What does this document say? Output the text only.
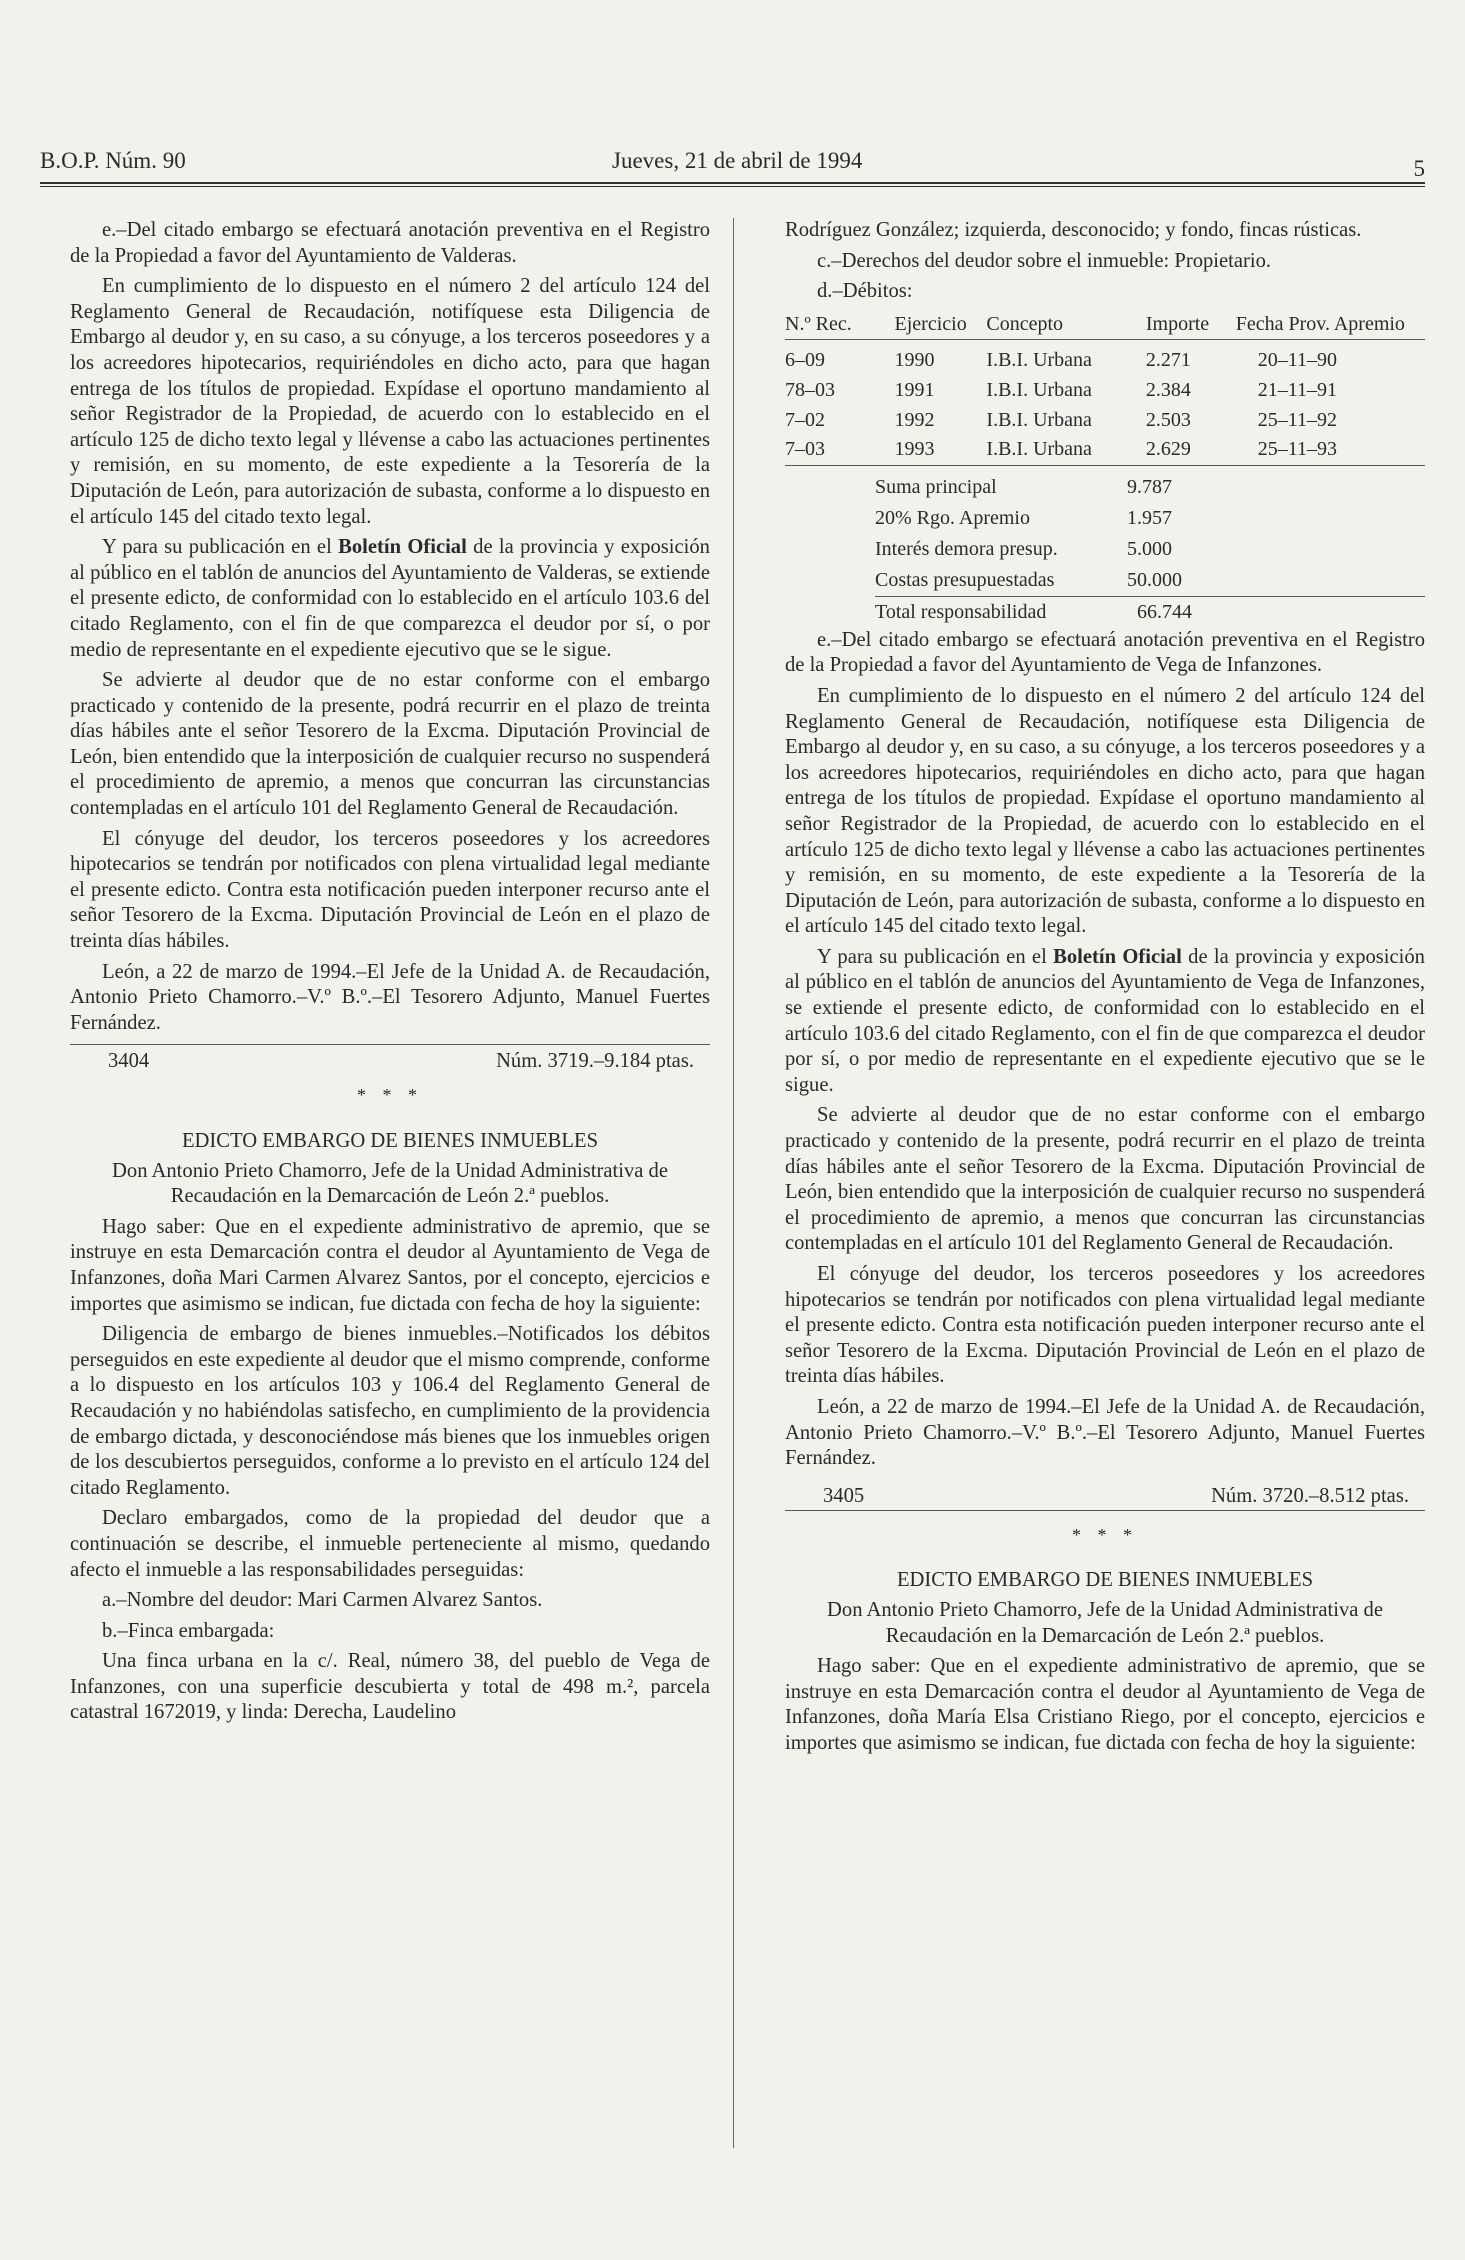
B.O.P. Núm. 90	Jueves, 21 de abril de 1994	5

e.–Del citado embargo se efectuará anotación preventiva en el Registro de la Propiedad a favor del Ayuntamiento de Valderas.

En cumplimiento de lo dispuesto en el número 2 del artículo 124 del Reglamento General de Recaudación, notifíquese esta Diligencia de Embargo al deudor y, en su caso, a su cónyuge, a los terceros poseedores y a los acreedores hipotecarios, requiriéndoles en dicho acto, para que hagan entrega de los títulos de propiedad. Expídase el oportuno mandamiento al señor Registrador de la Propiedad, de acuerdo con lo establecido en el artículo 125 de dicho texto legal y llévense a cabo las actuaciones pertinentes y remisión, en su momento, de este expediente a la Tesorería de la Diputación de León, para autorización de subasta, conforme a lo dispuesto en el artículo 145 del citado texto legal.

Y para su publicación en el Boletín Oficial de la provincia y exposición al público en el tablón de anuncios del Ayuntamiento de Valderas, se extiende el presente edicto, de conformidad con lo establecido en el artículo 103.6 del citado Reglamento, con el fin de que comparezca el deudor por sí, o por medio de representante en el expediente ejecutivo que se le sigue.

Se advierte al deudor que de no estar conforme con el embargo practicado y contenido de la presente, podrá recurrir en el plazo de treinta días hábiles ante el señor Tesorero de la Excma. Diputación Provincial de León, bien entendido que la interposición de cualquier recurso no suspenderá el procedimiento de apremio, a menos que concurran las circunstancias contempladas en el artículo 101 del Reglamento General de Recaudación.

El cónyuge del deudor, los terceros poseedores y los acreedores hipotecarios se tendrán por notificados con plena virtualidad legal mediante el presente edicto. Contra esta notificación pueden interponer recurso ante el señor Tesorero de la Excma. Diputación Provincial de León en el plazo de treinta días hábiles.

León, a 22 de marzo de 1994.–El Jefe de la Unidad A. de Recaudación, Antonio Prieto Chamorro.–V.º B.º.–El Tesorero Adjunto, Manuel Fuertes Fernández.

3404	Núm. 3719.–9.184 ptas.

* * *

EDICTO EMBARGO DE BIENES INMUEBLES

Don Antonio Prieto Chamorro, Jefe de la Unidad Administrativa de Recaudación en la Demarcación de León 2.ª pueblos.

Hago saber: Que en el expediente administrativo de apremio, que se instruye en esta Demarcación contra el deudor al Ayuntamiento de Vega de Infanzones, doña Mari Carmen Alvarez Santos, por el concepto, ejercicios e importes que asimismo se indican, fue dictada con fecha de hoy la siguiente:

Diligencia de embargo de bienes inmuebles.–Notificados los débitos perseguidos en este expediente al deudor que el mismo comprende, conforme a lo dispuesto en los artículos 103 y 106.4 del Reglamento General de Recaudación y no habiéndolas satisfecho, en cumplimiento de la providencia de embargo dictada, y desconociéndose más bienes que los inmuebles origen de los descubiertos perseguidos, conforme a lo previsto en el artículo 124 del citado Reglamento.

Declaro embargados, como de la propiedad del deudor que a continuación se describe, el inmueble perteneciente al mismo, quedando afecto el inmueble a las responsabilidades perseguidas:

a.–Nombre del deudor: Mari Carmen Alvarez Santos.

b.–Finca embargada:

Una finca urbana en la c/. Real, número 38, del pueblo de Vega de Infanzones, con una superficie descubierta y total de 498 m.², parcela catastral 1672019, y linda: Derecha, Laudelino

Rodríguez González; izquierda, desconocido; y fondo, fincas rústicas.

c.–Derechos del deudor sobre el inmueble: Propietario.

d.–Débitos:

N.º Rec.	Ejercicio	Concepto	Importe	Fecha Prov. Apremio
6–09	1990	I.B.I. Urbana	2.271	20–11–90
78–03	1991	I.B.I. Urbana	2.384	21–11–91
7–02	1992	I.B.I. Urbana	2.503	25–11–92
7–03	1993	I.B.I. Urbana	2.629	25–11–93
Suma principal	9.787
20% Rgo. Apremio	1.957
Interés demora presup.	5.000
Costas presupuestadas	50.000
Total responsabilidad	66.744

e.–Del citado embargo se efectuará anotación preventiva en el Registro de la Propiedad a favor del Ayuntamiento de Vega de Infanzones.

En cumplimiento de lo dispuesto en el número 2 del artículo 124 del Reglamento General de Recaudación, notifíquese esta Diligencia de Embargo al deudor y, en su caso, a su cónyuge, a los terceros poseedores y a los acreedores hipotecarios, requiriéndoles en dicho acto, para que hagan entrega de los títulos de propiedad. Expídase el oportuno mandamiento al señor Registrador de la Propiedad, de acuerdo con lo establecido en el artículo 125 de dicho texto legal y llévense a cabo las actuaciones pertinentes y remisión, en su momento, de este expediente a la Tesorería de la Diputación de León, para autorización de subasta, conforme a lo dispuesto en el artículo 145 del citado texto legal.

Y para su publicación en el Boletín Oficial de la provincia y exposición al público en el tablón de anuncios del Ayuntamiento de Vega de Infanzones, se extiende el presente edicto, de conformidad con lo establecido en el artículo 103.6 del citado Reglamento, con el fin de que comparezca el deudor por sí, o por medio de representante en el expediente ejecutivo que se le sigue.

Se advierte al deudor que de no estar conforme con el embargo practicado y contenido de la presente, podrá recurrir en el plazo de treinta días hábiles ante el señor Tesorero de la Excma. Diputación Provincial de León, bien entendido que la interposición de cualquier recurso no suspenderá el procedimiento de apremio, a menos que concurran las circunstancias contempladas en el artículo 101 del Reglamento General de Recaudación.

El cónyuge del deudor, los terceros poseedores y los acreedores hipotecarios se tendrán por notificados con plena virtualidad legal mediante el presente edicto. Contra esta notificación pueden interponer recurso ante el señor Tesorero de la Excma. Diputación Provincial de León en el plazo de treinta días hábiles.

León, a 22 de marzo de 1994.–El Jefe de la Unidad A. de Recaudación, Antonio Prieto Chamorro.–V.º B.º.–El Tesorero Adjunto, Manuel Fuertes Fernández.

3405	Núm. 3720.–8.512 ptas.

* * *

EDICTO EMBARGO DE BIENES INMUEBLES

Don Antonio Prieto Chamorro, Jefe de la Unidad Administrativa de Recaudación en la Demarcación de León 2.ª pueblos.

Hago saber: Que en el expediente administrativo de apremio, que se instruye en esta Demarcación contra el deudor al Ayuntamiento de Vega de Infanzones, doña María Elsa Cristiano Riego, por el concepto, ejercicios e importes que asimismo se indican, fue dictada con fecha de hoy la siguiente:
